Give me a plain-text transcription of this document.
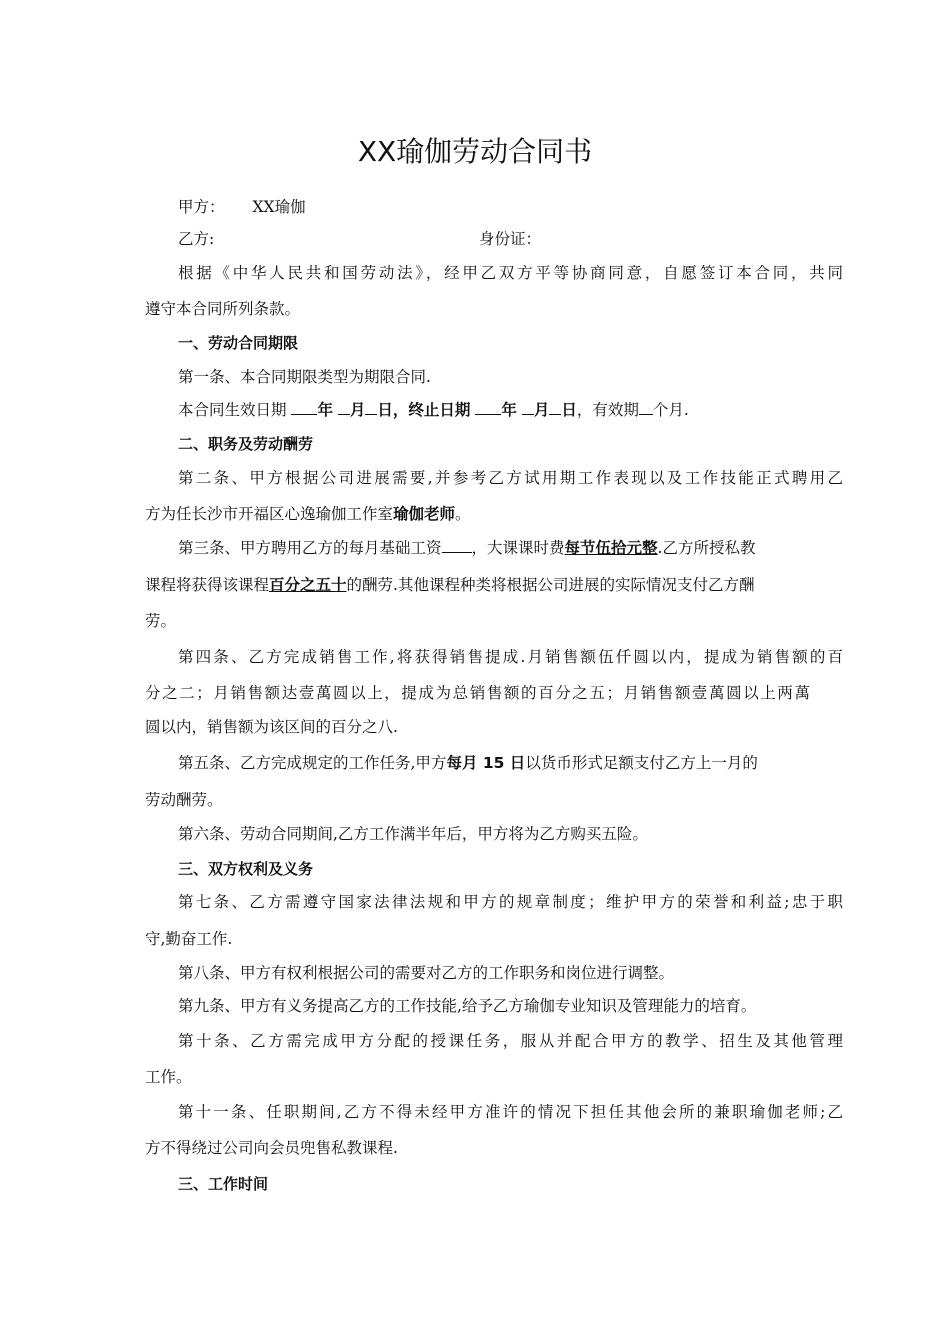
XX瑜伽劳动合同书
甲方： XX瑜伽
乙方:	身份证：
根据《中华人民共和国劳动法》，经甲乙双方平等协商同意，自愿签订本合同，共同
遵守本合同所列条款。
一、劳动合同期限
第一条、本合同期限类型为期限合同.
本合同生效日期 年 月 日，终止日期 年 月 日，有效期 个月.
二、职务及劳动酬劳
第二条、甲方根据公司进展需要,并参考乙方试用期工作表现以及工作技能正式聘用乙
方为任长沙市开福区心逸瑜伽工作室瑜伽老师。
第三条、甲方聘用乙方的每月基础工资 ，大课课时费每节伍拾元整.乙方所授私教
课程将获得该课程百分之五十的酬劳.其他课程种类将根据公司进展的实际情况支付乙方酬
劳。
第四条、乙方完成销售工作,将获得销售提成.月销售额伍仟圆以内，提成为销售额的百
分之二；月销售额达壹萬圆以上，提成为总销售额的百分之五；月销售额壹萬圆以上两萬
圆以内，销售额为该区间的百分之八.
第五条、乙方完成规定的工作任务,甲方每月 15 日以货币形式足额支付乙方上一月的
劳动酬劳。
第六条、劳动合同期间,乙方工作满半年后，甲方将为乙方购买五险。
三、双方权利及义务
第七条、乙方需遵守国家法律法规和甲方的规章制度；维护甲方的荣誉和利益;忠于职
守,勤奋工作.
第八条、甲方有权利根据公司的需要对乙方的工作职务和岗位进行调整。
第九条、甲方有义务提高乙方的工作技能,给予乙方瑜伽专业知识及管理能力的培育。
第十条、乙方需完成甲方分配的授课任务，服从并配合甲方的教学、招生及其他管理
工作。
第十一条、任职期间,乙方不得未经甲方准许的情况下担任其他会所的兼职瑜伽老师;乙
方不得绕过公司向会员兜售私教课程.
三、工作时间
